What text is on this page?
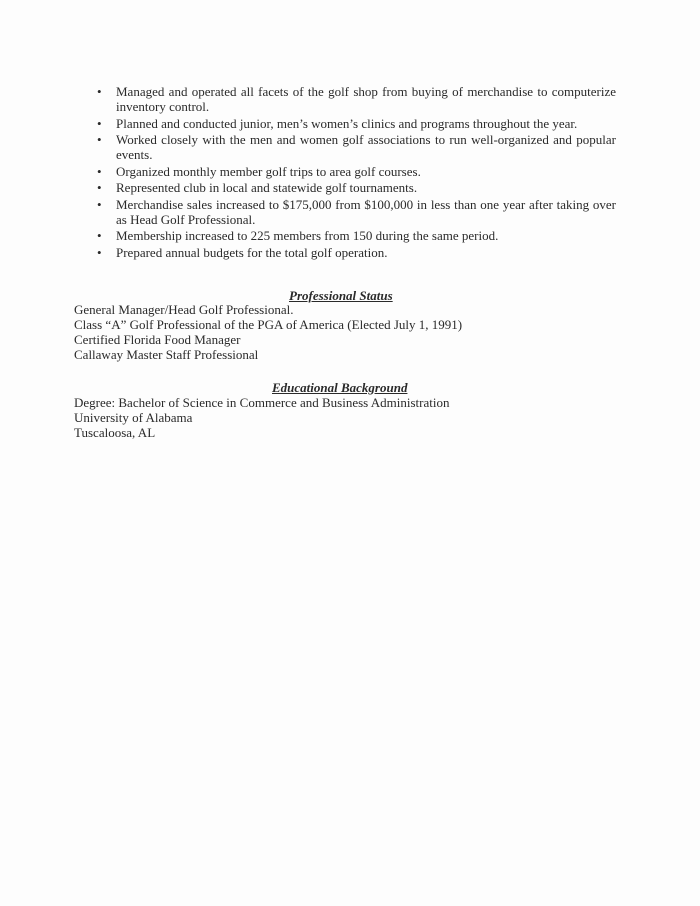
• Managed and operated all facets of the golf shop from buying of merchandise to computerize inventory control.
• Planned and conducted junior, men’s women’s clinics and programs throughout the year.
• Worked closely with the men and women golf associations to run well-organized and popular events.
• Organized monthly member golf trips to area golf courses.
• Represented club in local and statewide golf tournaments.
• Merchandise sales increased to $175,000 from $100,000 in less than one year after taking over as Head Golf Professional.
• Membership increased to 225 members from 150 during the same period.
• Prepared annual budgets for the total golf operation.
Professional Status
General Manager/Head Golf Professional.
Class “A” Golf Professional of the PGA of America (Elected July 1, 1991)
Certified Florida Food Manager
Callaway Master Staff Professional
Educational Background
Degree: Bachelor of Science in Commerce and Business Administration
University of Alabama
Tuscaloosa, AL
